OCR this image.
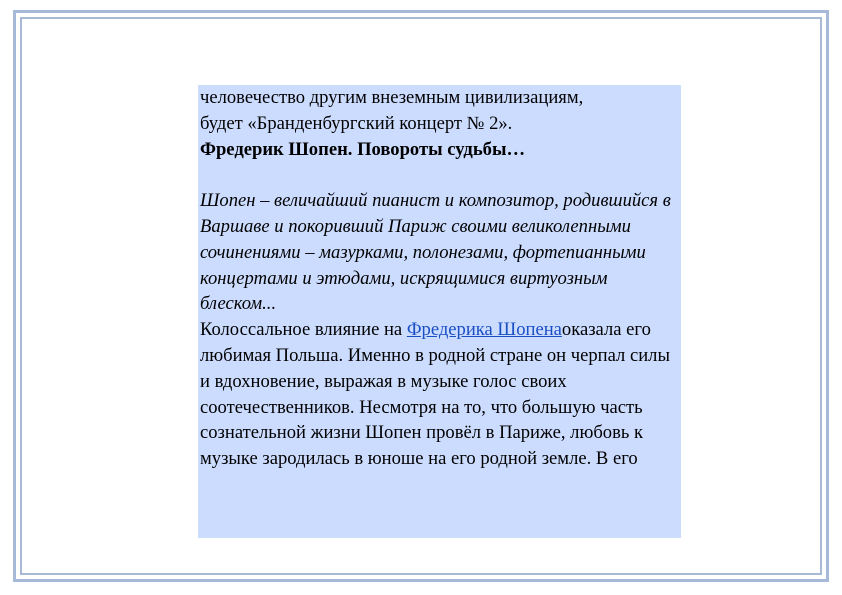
человечество другим внеземным цивилизациям,

будет «Бранденбургский концерт № 2».

Фредерик Шопен. Повороты судьбы…

Шопен – величайший пианист и композитор, родившийся в Варшаве и покоривший Париж своими великолепными сочинениями – мазурками, полонезами, фортепианными концертами и этюдами, искрящимися виртуозным блеском...

Колоссальное влияние на Фредерика Шопенаоказала его любимая Польша. Именно в родной стране он черпал силы и вдохновение, выражая в музыке голос своих соотечественников. Несмотря на то, что большую часть сознательной жизни Шопен провёл в Париже, любовь к музыке зародилась в юноше на его родной земле. В его
